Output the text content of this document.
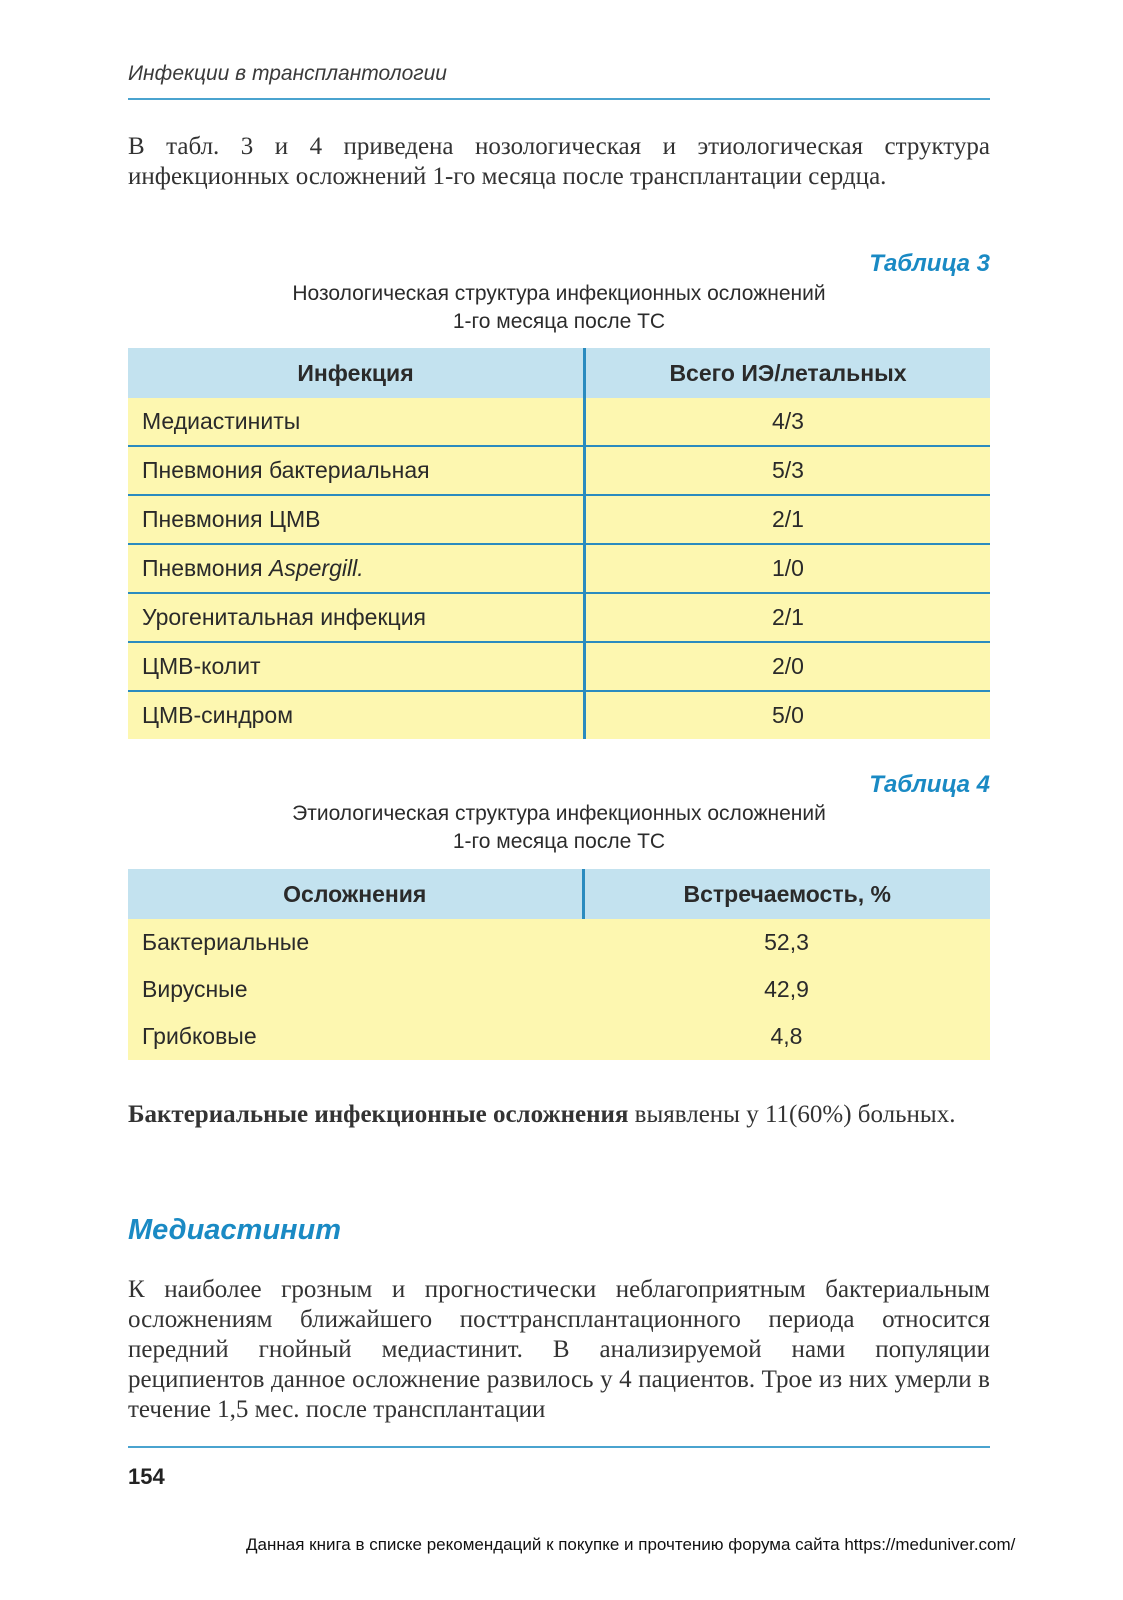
Инфекции в трансплантологии

В табл. 3 и 4 приведена нозологическая и этиологическая структура инфекционных осложнений 1-го месяца после трансплантации сердца.

Таблица 3
Нозологическая структура инфекционных осложнений
1-го месяца после ТС
Инфекция	Всего ИЭ/летальных
Медиастиниты	4/3
Пневмония бактериальная	5/3
Пневмония ЦМВ	2/1
Пневмония Aspergill.	1/0
Урогенитальная инфекция	2/1
ЦМВ-колит	2/0
ЦМВ-синдром	5/0
Таблица 4
Этиологическая структура инфекционных осложнений
1-го месяца после ТС
Осложнения	Встречаемость, %
Бактериальные	52,3
Вирусные	42,9
Грибковые	4,8

Бактериальные инфекционные осложнения выявлены у 11(60%) больных.

Медиастинит

К наиболее грозным и прогностически неблагоприятным бактериальным осложнениям ближайшего посттрансплантационного периода относится передний гнойный медиастинит. В анализируемой нами популяции реципиентов данное осложнение развилось у 4 пациентов. Трое из них умерли в течение 1,5 мес. после трансплантации

154
Данная книга в списке рекомендаций к покупке и прочтению форума сайта https://meduniver.com/
